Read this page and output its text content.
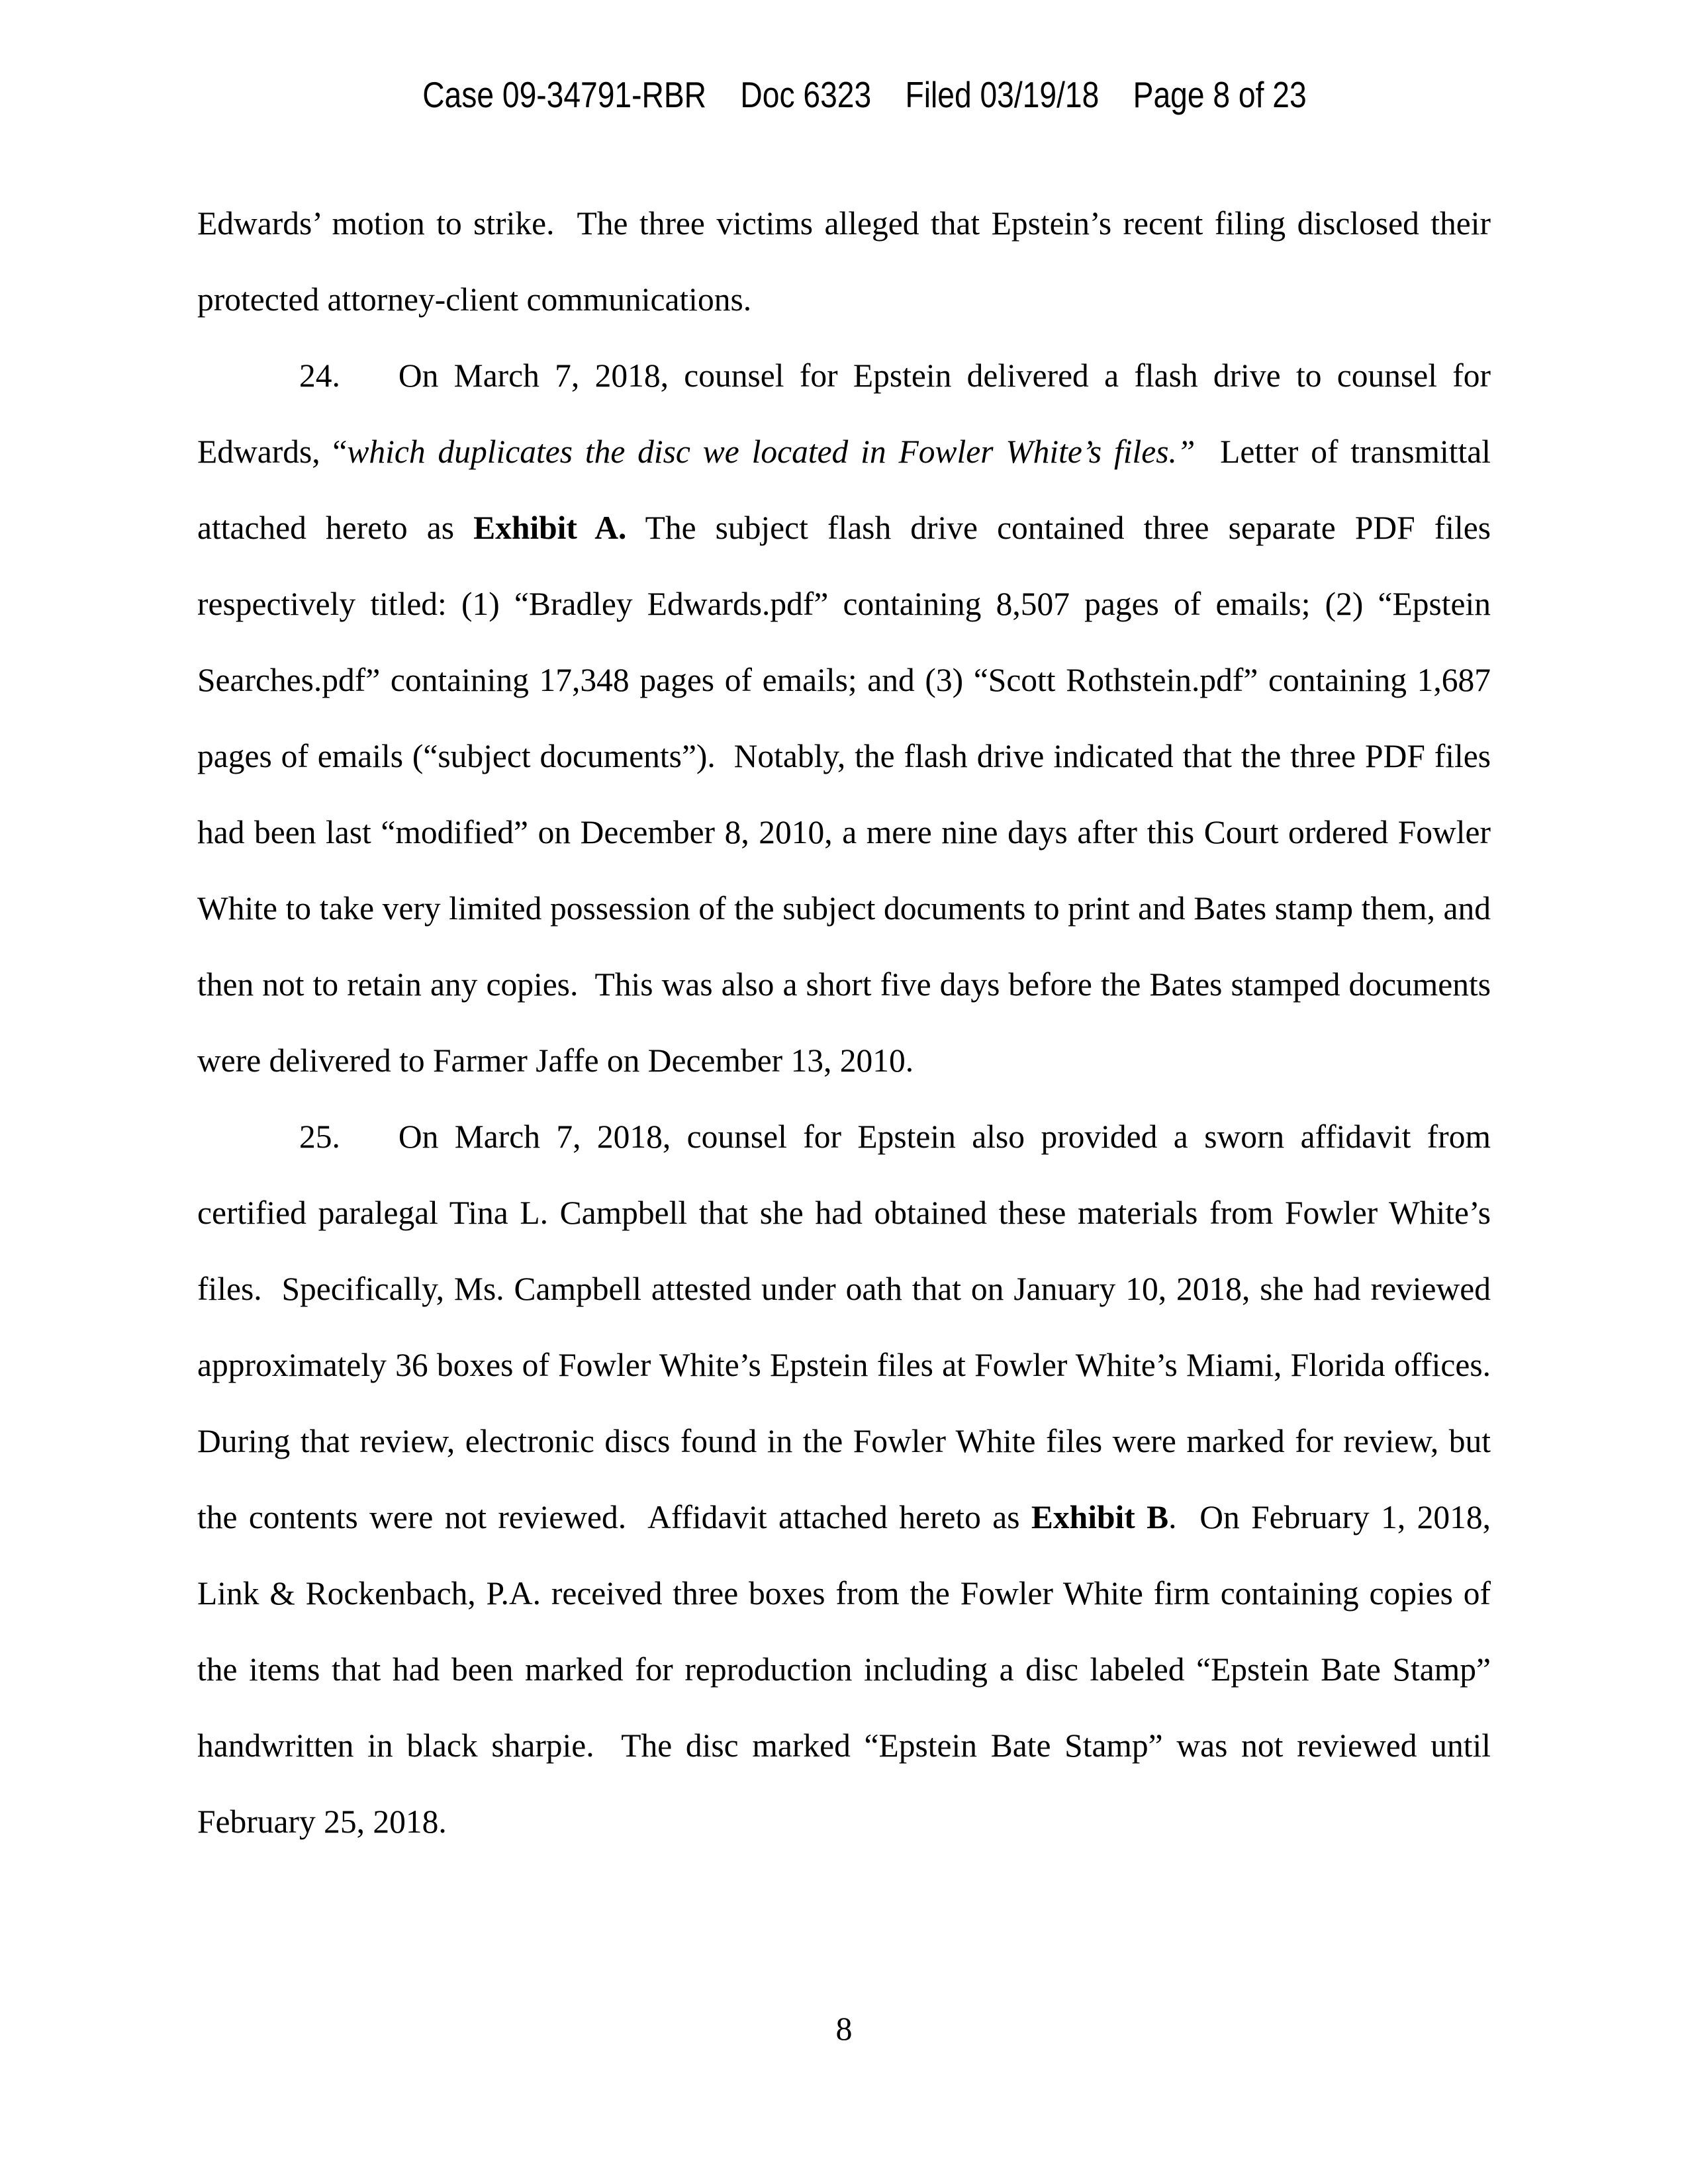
Case 09-34791-RBR    Doc 6323    Filed 03/19/18    Page 8 of 23

Edwards’ motion to strike.  The three victims alleged that Epstein’s recent filing disclosed their
protected attorney-client communications.
24. On March 7, 2018, counsel for Epstein delivered a flash drive to counsel for
Edwards, “which duplicates the disc we located in Fowler White’s files.”  Letter of transmittal
attached hereto as Exhibit A. The subject flash drive contained three separate PDF files
respectively titled: (1) “Bradley Edwards.pdf” containing 8,507 pages of emails; (2) “Epstein
Searches.pdf” containing 17,348 pages of emails; and (3) “Scott Rothstein.pdf” containing 1,687
pages of emails (“subject documents”).  Notably, the flash drive indicated that the three PDF files
had been last “modified” on December 8, 2010, a mere nine days after this Court ordered Fowler
White to take very limited possession of the subject documents to print and Bates stamp them, and
then not to retain any copies.  This was also a short five days before the Bates stamped documents
were delivered to Farmer Jaffe on December 13, 2010.
25. On March 7, 2018, counsel for Epstein also provided a sworn affidavit from
certified paralegal Tina L. Campbell that she had obtained these materials from Fowler White’s
files.  Specifically, Ms. Campbell attested under oath that on January 10, 2018, she had reviewed
approximately 36 boxes of Fowler White’s Epstein files at Fowler White’s Miami, Florida offices.
During that review, electronic discs found in the Fowler White files were marked for review, but
the contents were not reviewed.  Affidavit attached hereto as Exhibit B.  On February 1, 2018,
Link & Rockenbach, P.A. received three boxes from the Fowler White firm containing copies of
the items that had been marked for reproduction including a disc labeled “Epstein Bate Stamp”
handwritten in black sharpie.  The disc marked “Epstein Bate Stamp” was not reviewed until
February 25, 2018.
8
